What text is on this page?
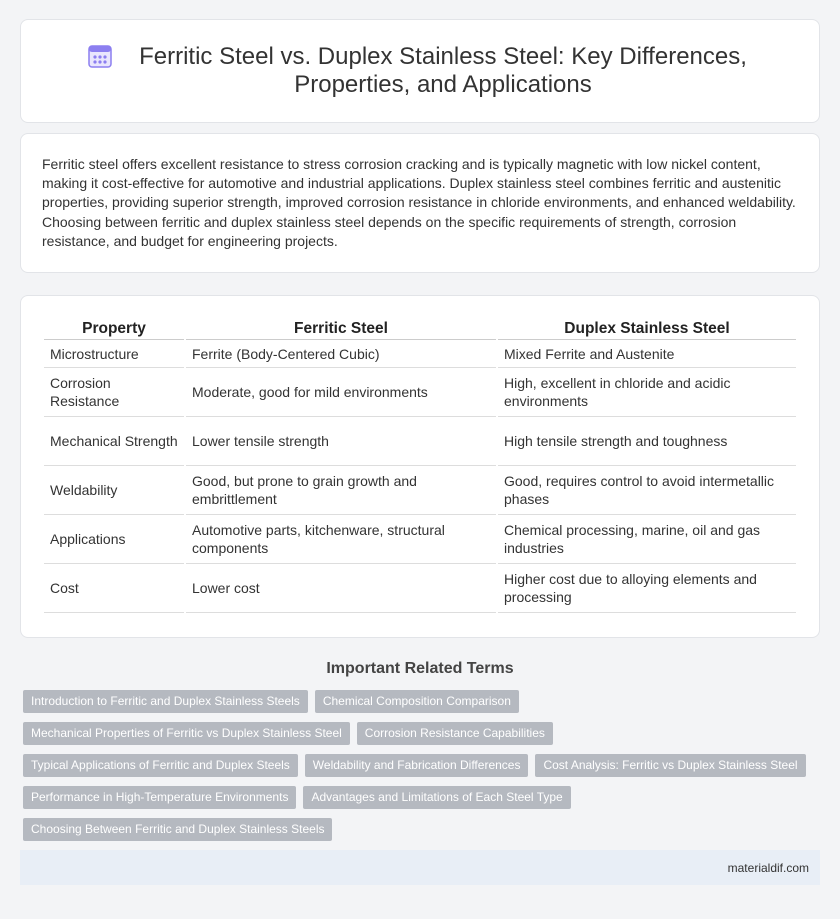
Ferritic Steel vs. Duplex Stainless Steel: Key Differences, Properties, and Applications

Ferritic steel offers excellent resistance to stress corrosion cracking and is typically magnetic with low nickel content, making it cost-effective for automotive and industrial applications. Duplex stainless steel combines ferritic and austenitic properties, providing superior strength, improved corrosion resistance in chloride environments, and enhanced weldability. Choosing between ferritic and duplex stainless steel depends on the specific requirements of strength, corrosion resistance, and budget for engineering projects.

Property	Ferritic Steel	Duplex Stainless Steel
Microstructure	Ferrite (Body-Centered Cubic)	Mixed Ferrite and Austenite
Corrosion Resistance	Moderate, good for mild environments	High, excellent in chloride and acidic environments
Mechanical Strength	Lower tensile strength	High tensile strength and toughness
Weldability	Good, but prone to grain growth and embrittlement	Good, requires control to avoid intermetallic phases
Applications	Automotive parts, kitchenware, structural components	Chemical processing, marine, oil and gas industries
Cost	Lower cost	Higher cost due to alloying elements and processing
Important Related Terms
Introduction to Ferritic and Duplex Stainless Steels	Chemical Composition Comparison
Mechanical Properties of Ferritic vs Duplex Stainless Steel	Corrosion Resistance Capabilities
Typical Applications of Ferritic and Duplex Steels	Weldability and Fabrication Differences	Cost Analysis: Ferritic vs Duplex Stainless Steel
Performance in High-Temperature Environments	Advantages and Limitations of Each Steel Type
Choosing Between Ferritic and Duplex Stainless Steels
materialdif.com
